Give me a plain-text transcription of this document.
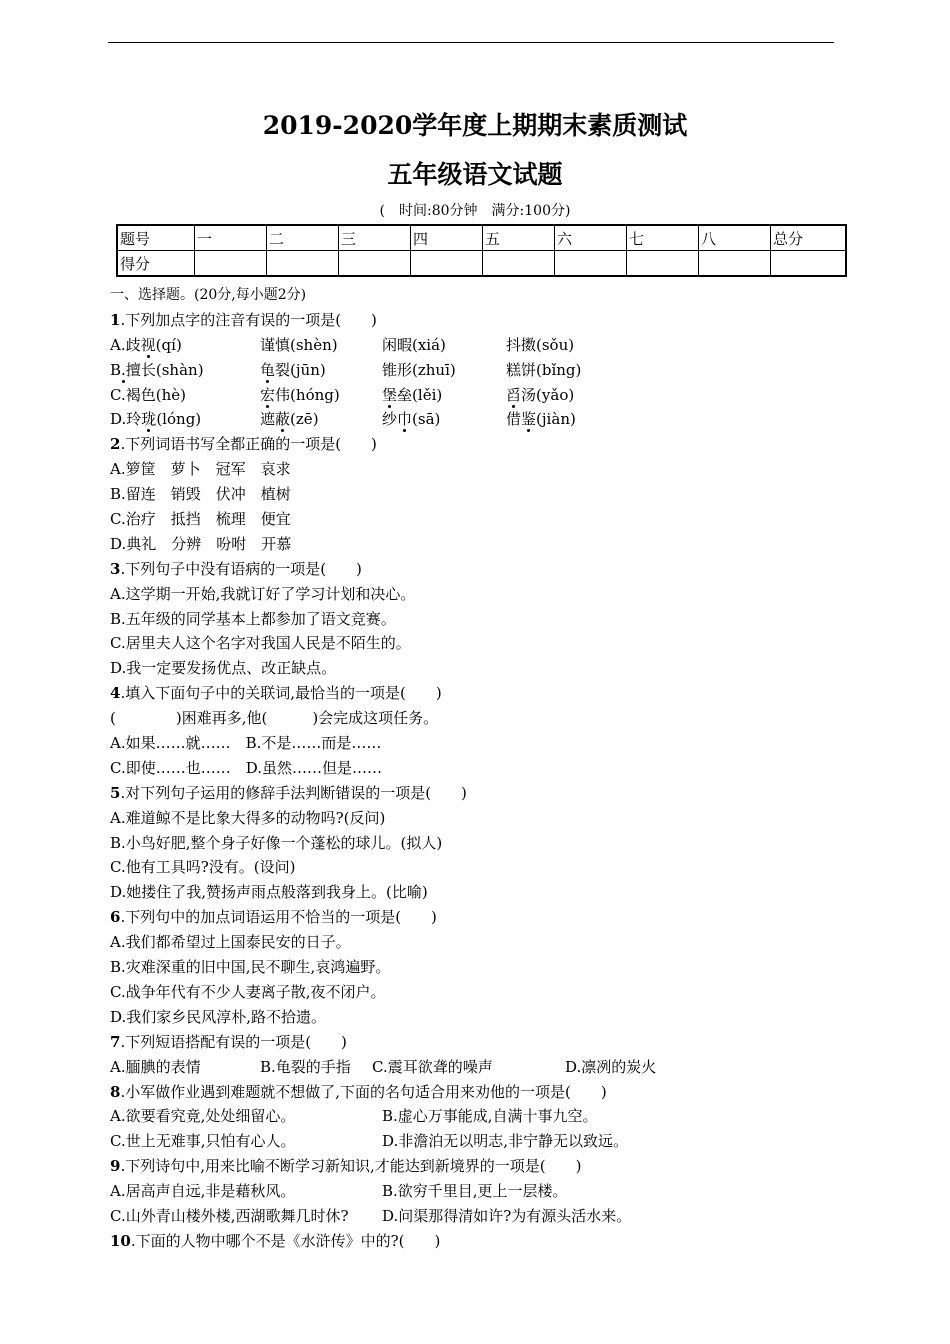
2019-2020学年度上期期末素质测试
五年级语文试题
(　时间:80分钟　满分:100分)
题号	一	二	三	四	五	六	七	八	总分
得分									
一、选择题。(20分,每小题2分)
1.下列加点字的注音有误的一项是(　　)
A.歧视(qí)	谨慎(shèn)	闲暇(xiá)	抖擞(sǒu)
B.擅长(shàn)	龟裂(jūn)	锥形(zhuī)	糕饼(bǐng)
C.褐色(hè)	宏伟(hóng)	堡垒(lěi)	舀汤(yǎo)
D.玲珑(lóng)	遮蔽(zē)	纱巾(sā)	借鉴(jiàn)
2.下列词语书写全都正确的一项是(　　)
A.箩筐　萝卜　冠军　哀求
B.留连　销毁　伏冲　植树
C.治疗　抵挡　梳理　便宜
D.典礼　分辨　吩咐　开慕
3.下列句子中没有语病的一项是(　　)
A.这学期一开始,我就订好了学习计划和决心。
B.五年级的同学基本上都参加了语文竞赛。
C.居里夫人这个名字对我国人民是不陌生的。
D.我一定要发扬优点、改正缺点。
4.填入下面句子中的关联词,最恰当的一项是(　　)
(　　　　)困难再多,他(　　　)会完成这项任务。
A.如果……就……　B.不是……而是……
C.即使……也……　D.虽然……但是……
5.对下列句子运用的修辞手法判断错误的一项是(　　)
A.难道鲸不是比象大得多的动物吗?(反问)
B.小鸟好肥,整个身子好像一个蓬松的球儿。(拟人)
C.他有工具吗?没有。(设问)
D.她搂住了我,赞扬声雨点般落到我身上。(比喻)
6.下列句中的加点词语运用不恰当的一项是(　　)
A.我们都希望过上国泰民安的日子。
B.灾难深重的旧中国,民不聊生,哀鸿遍野。
C.战争年代有不少人妻离子散,夜不闭户。
D.我们家乡民风淳朴,路不拾遗。
7.下列短语搭配有误的一项是(　　)
A.腼腆的表情	B.龟裂的手指 C.震耳欲聋的噪声	D.凛冽的炭火
8.小军做作业遇到难题就不想做了,下面的名句适合用来劝他的一项是(　　)
A.欲要看究竟,处处细留心。	B.虚心万事能成,自满十事九空。
C.世上无难事,只怕有心人。	D.非澹泊无以明志,非宁静无以致远。
9.下列诗句中,用来比喻不断学习新知识,才能达到新境界的一项是(　　)
A.居高声自远,非是藉秋风。	B.欲穷千里目,更上一层楼。
C.山外青山楼外楼,西湖歌舞几时休? D.问渠那得清如许?为有源头活水来。
10.下面的人物中哪个不是《水浒传》中的?(　　)
